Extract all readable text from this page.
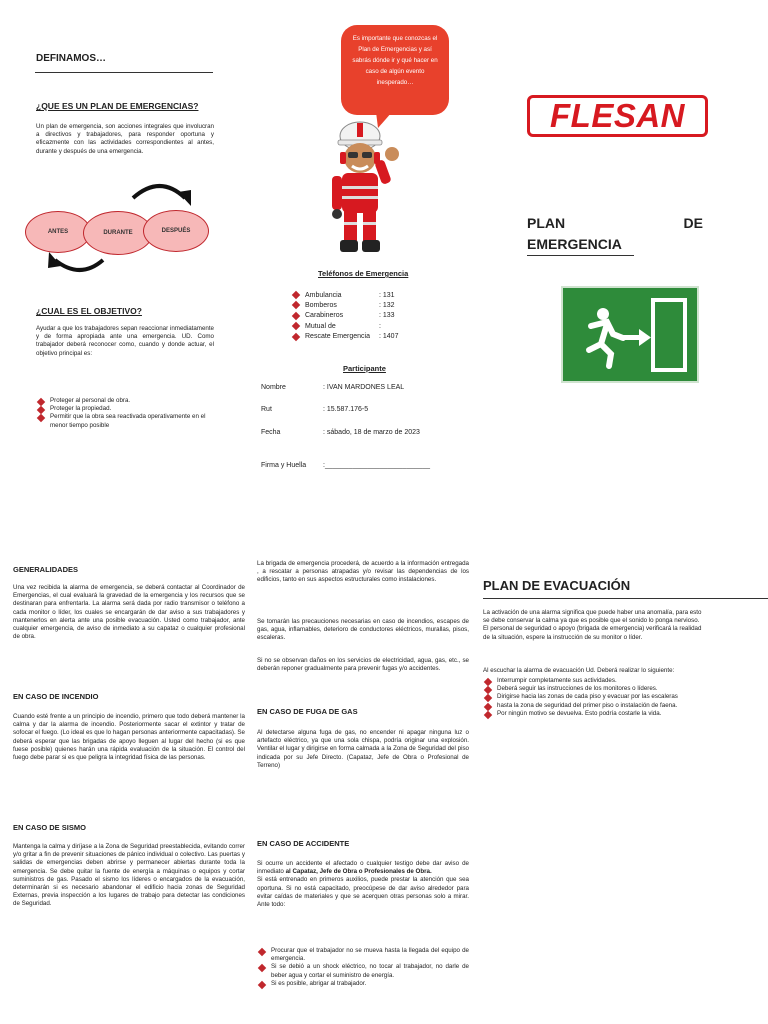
DEFINAMOS…
¿QUE ES UN PLAN DE EMERGENCIAS?
Un plan de emergencia, son acciones integrales que involucran a directivos y trabajadores, para responder oportuna y eficazmente con las actividades correspondientes al antes, durante y después de una emergencia.
ANTES	DURANTE	DESPUÉS
¿CUAL ES EL OBJETIVO?
Ayudar a que los trabajadores sepan reaccionar inmediatamente y de forma apropiada ante una emergencia. UD. Como trabajador deberá reconocer como, cuando y donde actuar, el objetivo principal es:
Proteger al personal de obra.
Proteger la propiedad.
Permitir que la obra sea reactivada operativamente en el menor tiempo posible
Es importante que conozcas el Plan de Emergencias y así sabrás dónde ir y qué hacer en caso de algún evento inesperado…
Teléfonos de Emergencia
Ambulancia	: 131
Bomberos	: 132
Carabineros	: 133
Mutual de	:
Rescate Emergencia	: 1407
Participante
Nombre	: IVAN MARDONES LEAL
Rut	: 15.587.176-5
Fecha	: sábado, 18 de marzo de 2023
Firma y Huella	:___________________________
FLESAN
PLAN	DE
EMERGENCIA
GENERALIDADES
Una vez recibida la alarma de emergencia, se deberá contactar al Coordinador de Emergencias, el cual evaluará la gravedad de la emergencia y los recursos que se destinaran para enfrentarla. La alarma será dada por radio transmisor o teléfono a cada monitor o líder, los cuales se encargarán de dar aviso a sus trabajadores y mantenerlos en alerta ante una posible evacuación. Usted como trabajador, ante cualquier emergencia, de aviso de inmediato a su capataz o cualquier profesional de obra.
EN CASO DE INCENDIO
Cuando esté frente a un principio de incendio, primero que todo deberá mantener la calma y dar la alarma de incendio. Posteriormente sacar el extintor y tratar de sofocar el fuego. (Lo ideal es que lo hagan personas anteriormente capacitadas). Se deberá esperar que las brigadas de apoyo lleguen al lugar del hecho (si es que fuese posible) quienes harán una rápida evaluación de la situación. El control del fuego debe parar si es que peligra la integridad física de las personas.
EN CASO DE SISMO
Mantenga la calma y diríjase a la Zona de Seguridad preestablecida, evitando correr y/o gritar a fin de prevenir situaciones de pánico individual o colectivo. Las puertas y salidas de emergencias deben abrirse y permanecer abiertas durante toda la emergencia. Se debe quitar la fuente de energía a máquinas o equipos y cortar suministros de gas. Pasado el sismo los líderes o encargados de la evacuación, determinarán si es necesario abandonar el edificio hacia zonas de Seguridad Externas, previa inspección a los lugares de trabajo para detectar las condiciones de Seguridad.
La brigada de emergencia procederá, de acuerdo a la información entregada , a rescatar a personas atrapadas y/o revisar las dependencias de los edificios, tanto en sus aspectos estructurales como instalaciones.
Se tomarán las precauciones necesarias en caso de incendios, escapes de gas, agua, inflamables, deterioro de conductores eléctricos, murallas, pisos, escaleras.
Si no se observan daños en los servicios de electricidad, agua, gas, etc., se deberán reponer gradualmente para prevenir fugas y/o accidentes.
EN CASO DE FUGA DE GAS
Al detectarse alguna fuga de gas, no encender ni apagar ninguna luz o artefacto eléctrico, ya que una sola chispa, podría originar una explosión. Ventilar el lugar y dirigirse en forma calmada a la Zona de Seguridad del piso indicada por su Jefe Directo. (Capataz, Jefe de Obra o Profesional de Terreno)
EN CASO DE ACCIDENTE
Si ocurre un accidente el afectado o cualquier testigo debe dar aviso de inmediato al Capataz, Jefe de Obra o Profesionales de Obra.
Si está entrenado en primeros auxilios, puede prestar la atención que sea oportuna. Si no está capacitado, preocúpese de dar aviso alrededor para evitar caídas de materiales y que se acerquen otras personas solo a mirar. Ante todo:
Procurar que el trabajador no se mueva hasta la llegada del equipo de emergencia.
Si se debió a un shock eléctrico, no tocar al trabajador, no darle de beber agua y cortar el suministro de energía.
Si es posible, abrigar al trabajador.
PLAN DE EVACUACIÓN
La activación de una alarma significa que puede haber una anomalía, para esto se debe conservar la calma ya que es posible que el sonido lo ponga nervioso. El personal de seguridad o apoyo (brigada de emergencia) verificará la realidad de la situación, espere la instrucción de su monitor o líder.
Al escuchar la alarma de evacuación Ud. Deberá realizar lo siguiente:
Interrumpir completamente sus actividades.
Deberá seguir las instrucciones de los monitores o líderes.
Dirigirse hacia las zonas de cada piso y evacuar por las escaleras
hasta la zona de seguridad del primer piso o instalación de faena.
Por ningún motivo se devuelva. Esto podría costarle la vida.
